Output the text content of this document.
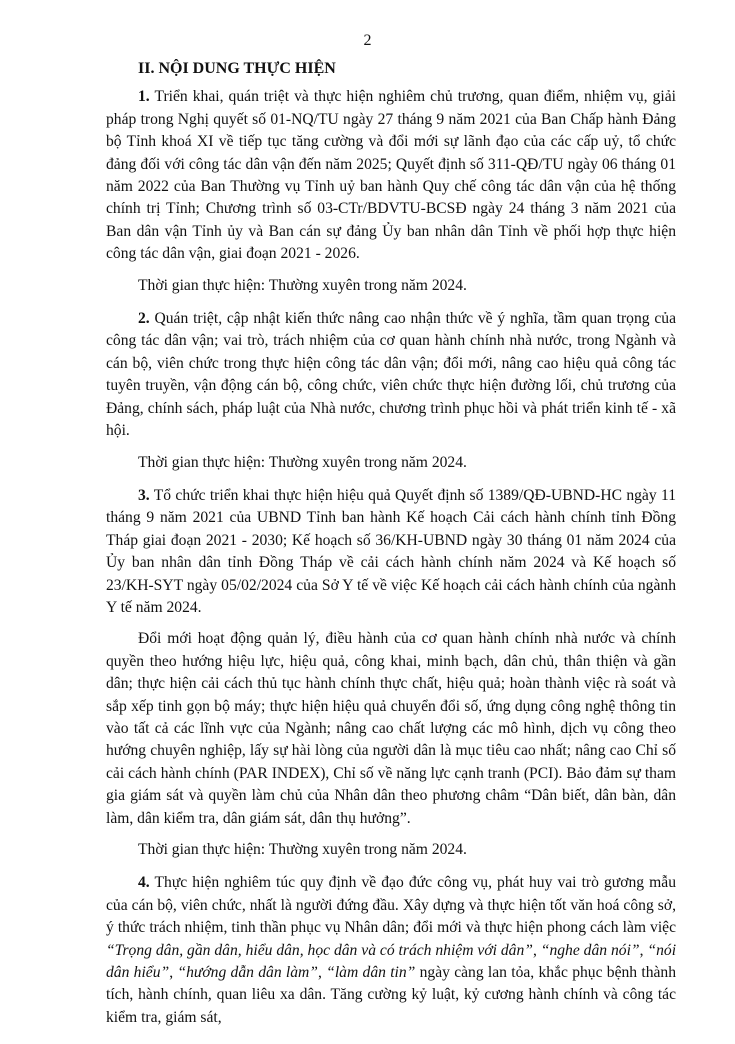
2
II. NỘI DUNG THỰC HIỆN

1. Triển khai, quán triệt và thực hiện nghiêm chủ trương, quan điểm, nhiệm vụ, giải pháp trong Nghị quyết số 01-NQ/TU ngày 27 tháng 9 năm 2021 của Ban Chấp hành Đảng bộ Tỉnh khoá XI về tiếp tục tăng cường và đổi mới sự lãnh đạo của các cấp uỷ, tổ chức đảng đối với công tác dân vận đến năm 2025; Quyết định số 311-QĐ/TU ngày 06 tháng 01 năm 2022 của Ban Thường vụ Tỉnh uỷ ban hành Quy chế công tác dân vận của hệ thống chính trị Tỉnh; Chương trình số 03-CTr/BDVTU-BCSĐ ngày 24 tháng 3 năm 2021 của Ban dân vận Tỉnh ủy và Ban cán sự đảng Ủy ban nhân dân Tỉnh về phối hợp thực hiện công tác dân vận, giai đoạn 2021 - 2026.

Thời gian thực hiện: Thường xuyên trong năm 2024.

2. Quán triệt, cập nhật kiến thức nâng cao nhận thức về ý nghĩa, tầm quan trọng của công tác dân vận; vai trò, trách nhiệm của cơ quan hành chính nhà nước, trong Ngành và cán bộ, viên chức trong thực hiện công tác dân vận; đổi mới, nâng cao hiệu quả công tác tuyên truyền, vận động cán bộ, công chức, viên chức thực hiện đường lối, chủ trương của Đảng, chính sách, pháp luật của Nhà nước, chương trình phục hồi và phát triển kinh tế - xã hội.

Thời gian thực hiện: Thường xuyên trong năm 2024.

3. Tổ chức triển khai thực hiện hiệu quả Quyết định số 1389/QĐ-UBND-HC ngày 11 tháng 9 năm 2021 của UBND Tỉnh ban hành Kế hoạch Cải cách hành chính tỉnh Đồng Tháp giai đoạn 2021 - 2030; Kế hoạch số 36/KH-UBND ngày 30 tháng 01 năm 2024 của Ủy ban nhân dân tỉnh Đồng Tháp về cải cách hành chính năm 2024 và Kế hoạch số 23/KH-SYT ngày 05/02/2024 của Sở Y tế về việc Kế hoạch cải cách hành chính của ngành Y tế năm 2024.

Đổi mới hoạt động quản lý, điều hành của cơ quan hành chính nhà nước và chính quyền theo hướng hiệu lực, hiệu quả, công khai, minh bạch, dân chủ, thân thiện và gần dân; thực hiện cải cách thủ tục hành chính thực chất, hiệu quả; hoàn thành việc rà soát và sắp xếp tinh gọn bộ máy; thực hiện hiệu quả chuyển đổi số, ứng dụng công nghệ thông tin vào tất cả các lĩnh vực của Ngành; nâng cao chất lượng các mô hình, dịch vụ công theo hướng chuyên nghiệp, lấy sự hài lòng của người dân là mục tiêu cao nhất; nâng cao Chỉ số cải cách hành chính (PAR INDEX), Chỉ số về năng lực cạnh tranh (PCI). Bảo đảm sự tham gia giám sát và quyền làm chủ của Nhân dân theo phương châm “Dân biết, dân bàn, dân làm, dân kiểm tra, dân giám sát, dân thụ hưởng”.

Thời gian thực hiện: Thường xuyên trong năm 2024.

4. Thực hiện nghiêm túc quy định về đạo đức công vụ, phát huy vai trò gương mẫu của cán bộ, viên chức, nhất là người đứng đầu. Xây dựng và thực hiện tốt văn hoá công sở, ý thức trách nhiệm, tinh thần phục vụ Nhân dân; đổi mới và thực hiện phong cách làm việc “Trọng dân, gần dân, hiểu dân, học dân và có trách nhiệm với dân”, “nghe dân nói”, “nói dân hiểu”, “hướng dẫn dân làm”, “làm dân tin” ngày càng lan tỏa, khắc phục bệnh thành tích, hành chính, quan liêu xa dân. Tăng cường kỷ luật, kỷ cương hành chính và công tác kiểm tra, giám sát,
